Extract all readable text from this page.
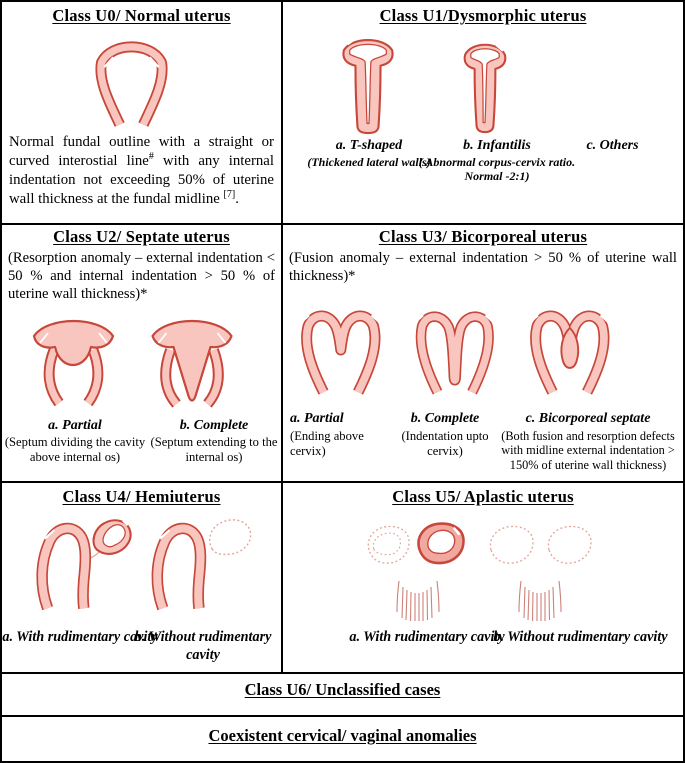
Class U0/ Normal uterus

Normal fundal outline with a straight or curved interostial line# with any internal indentation not exceeding 50% of uterine wall thickness at the fundal midline [7].

Class U1/Dysmorphic uterus
a. T-shaped
(Thickened lateral walls)
b. Infantilis
( Abnormal corpus-cervix ratio. Normal -2:1)
c. Others
Class U2/ Septate uterus

(Resorption anomaly – external indentation < 50 % and internal indentation > 50 % of uterine wall thickness)*

a. Partial
(Septum dividing the cavity above internal os)
b. Complete
(Septum extending to the internal os)
Class U3/ Bicorporeal uterus

(Fusion anomaly – external indentation > 50 % of uterine wall thickness)*

a. Partial
(Ending above cervix)
b. Complete
(Indentation upto cervix)
c. Bicorporeal septate
(Both fusion and resorption defects with midline external indentation > 150% of uterine wall thickness)
Class U4/ Hemiuterus
a. With rudimentary cavity
b. Without rudimentary cavity
Class U5/ Aplastic uterus
a. With rudimentary cavity
b. Without rudimentary cavity
Class U6/ Unclassified cases
Coexistent cervical/ vaginal anomalies
